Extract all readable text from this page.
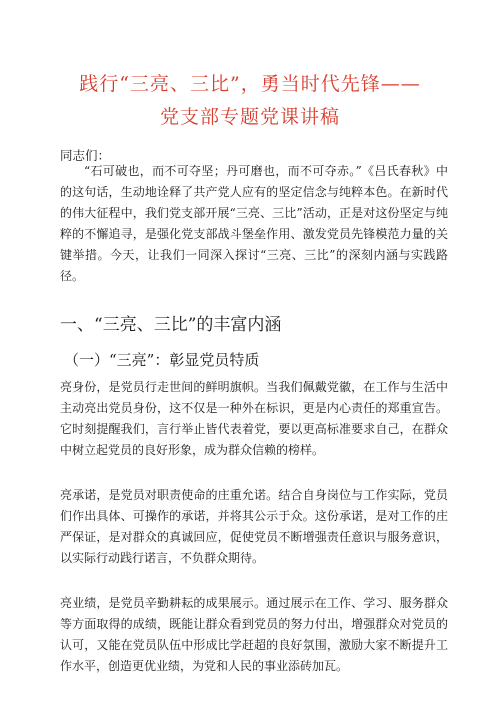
践行“三亮、三比”，勇当时代先锋——
党支部专题党课讲稿
同志们：

“石可破也，而不可夺坚；丹可磨也，而不可夺赤。”《吕氏春秋》中的这句话，生动地诠释了共产党人应有的坚定信念与纯粹本色。在新时代的伟大征程中，我们党支部开展“三亮、三比”活动，正是对这份坚定与纯粹的不懈追寻，是强化党支部战斗堡垒作用、激发党员先锋模范力量的关键举措。今天，让我们一同深入探讨“三亮、三比”的深刻内涵与实践路径。

一、“三亮、三比”的丰富内涵
（一）“三亮”：彰显党员特质

亮身份，是党员行走世间的鲜明旗帜。当我们佩戴党徽，在工作与生活中主动亮出党员身份，这不仅是一种外在标识，更是内心责任的郑重宣告。它时刻提醒我们，言行举止皆代表着党，要以更高标准要求自己，在群众中树立起党员的良好形象，成为群众信赖的榜样。

亮承诺，是党员对职责使命的庄重允诺。结合自身岗位与工作实际，党员们作出具体、可操作的承诺，并将其公示于众。这份承诺，是对工作的庄严保证，是对群众的真诚回应，促使党员不断增强责任意识与服务意识，以实际行动践行诺言，不负群众期待。

亮业绩，是党员辛勤耕耘的成果展示。通过展示在工作、学习、服务群众等方面取得的成绩，既能让群众看到党员的努力付出，增强群众对党员的认可，又能在党员队伍中形成比学赶超的良好氛围，激励大家不断提升工作水平，创造更优业绩，为党和人民的事业添砖加瓦。
